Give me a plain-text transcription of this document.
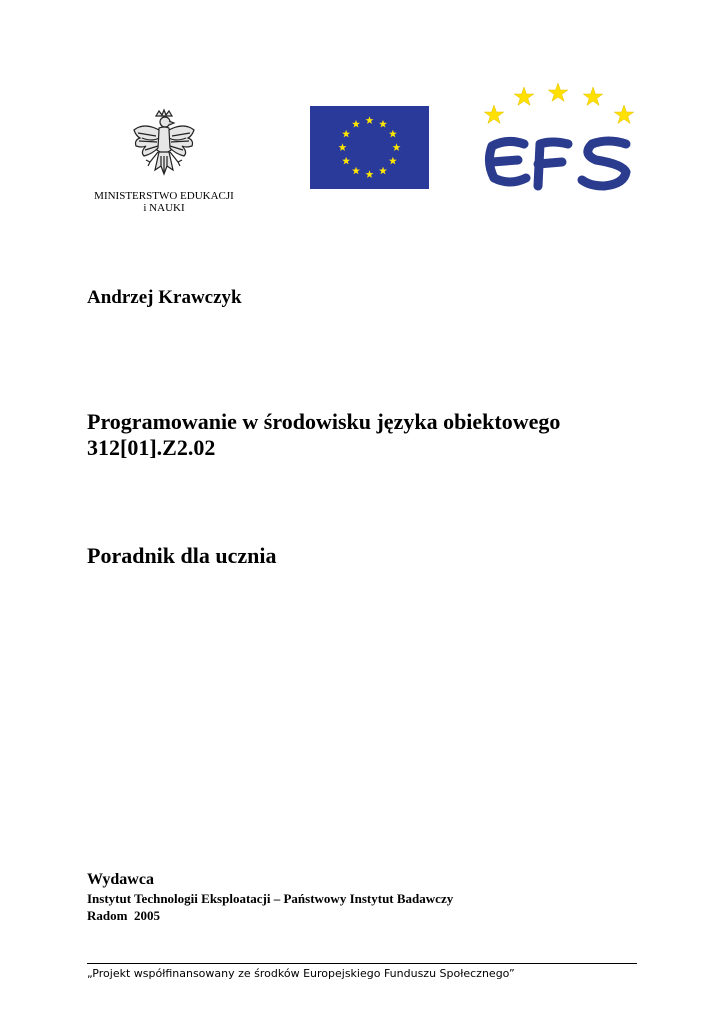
MINISTERSTWO EDUKACJI
i NAUKI
Andrzej Krawczyk
Programowanie w środowisku języka obiektowego
312[01].Z2.02
Poradnik dla ucznia
Wydawca
Instytut Technologii Eksploatacji – Państwowy Instytut Badawczy
Radom  2005
„Projekt współfinansowany ze środków Europejskiego Funduszu Społecznego”
